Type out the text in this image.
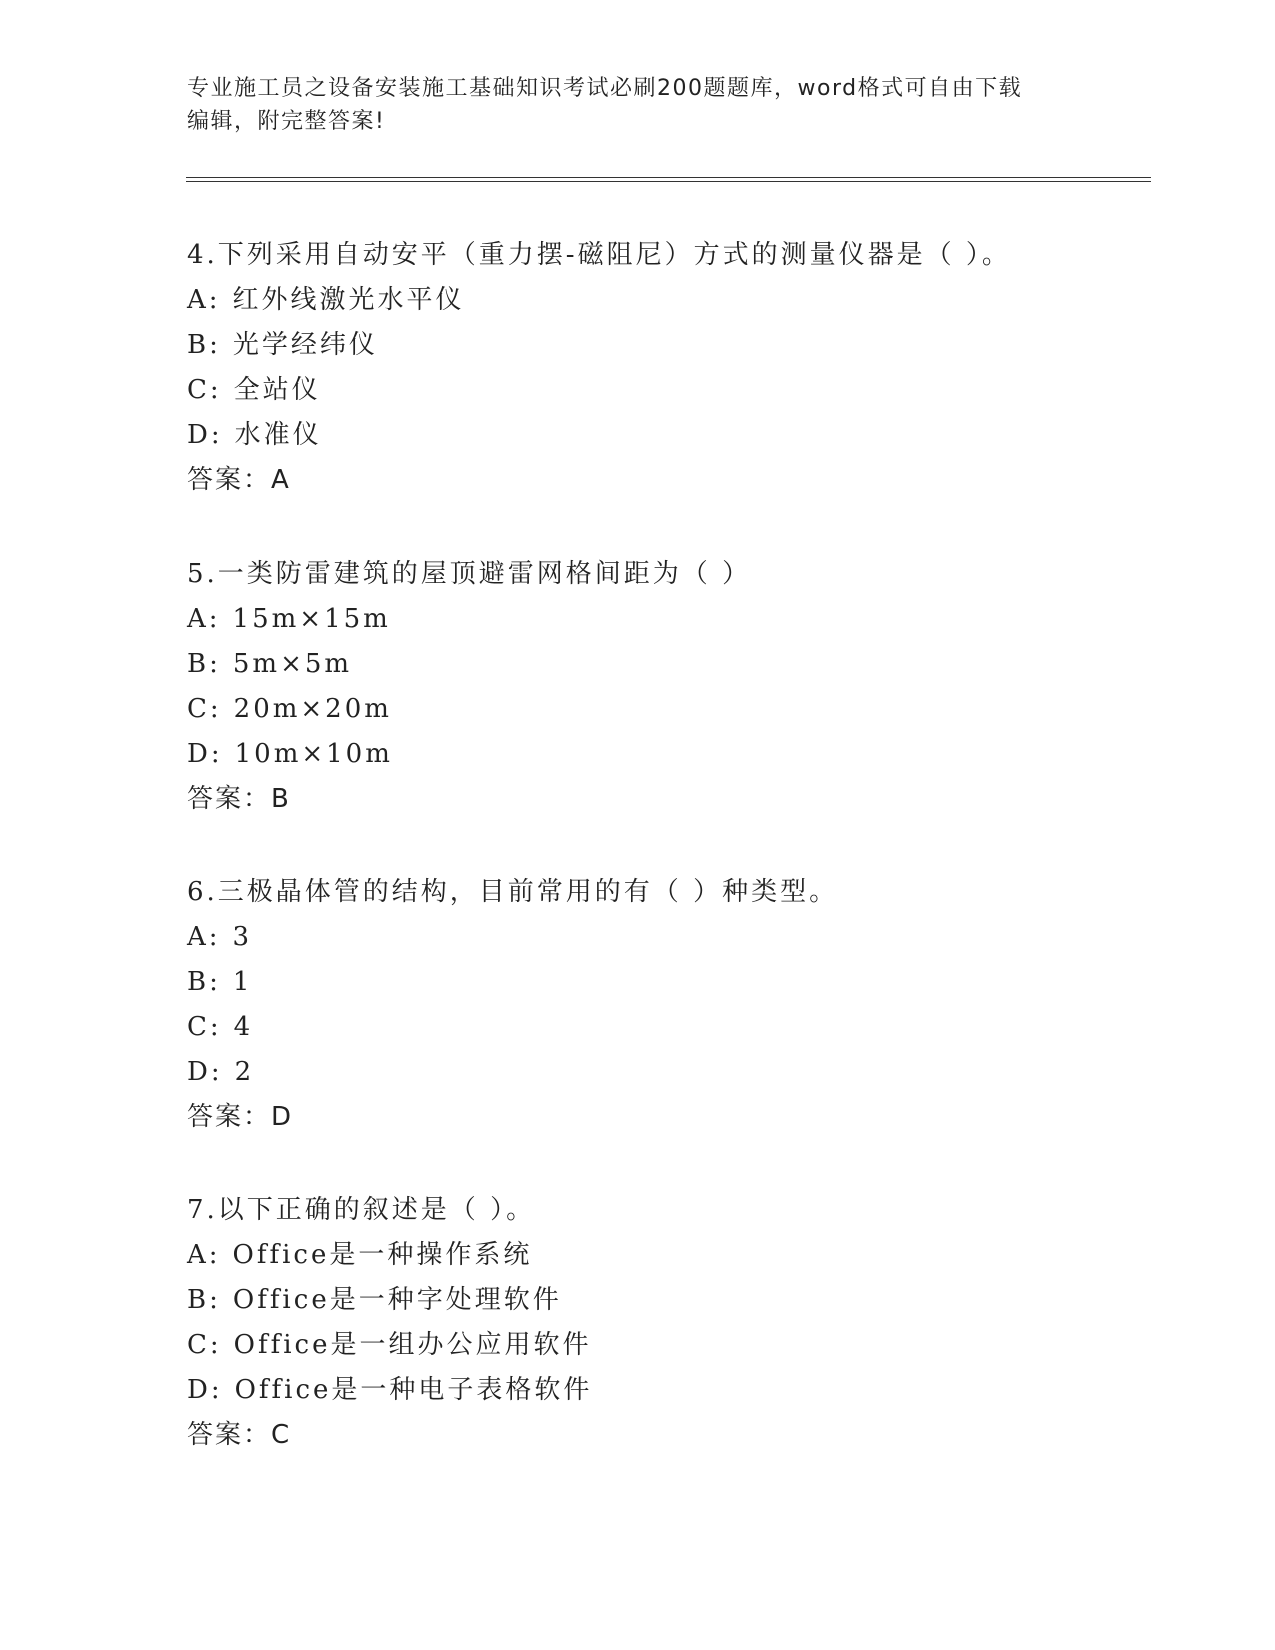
专业施工员之设备安装施工基础知识考试必刷200题题库，word格式可自由下载
编辑，附完整答案!
4.下列采用自动安平（重力摆-磁阻尼）方式的测量仪器是（ ）。
A: 红外线激光水平仪
B: 光学经纬仪
C: 全站仪
D: 水准仪
答案：A
5.一类防雷建筑的屋顶避雷网格间距为（ ）
A: 15m×15m
B: 5m×5m
C: 20m×20m
D: 10m×10m
答案：B
6.三极晶体管的结构，目前常用的有（ ）种类型。
A: 3
B: 1
C: 4
D: 2
答案：D
7.以下正确的叙述是（ ）。
A: Office是一种操作系统
B: Office是一种字处理软件
C: Office是一组办公应用软件
D: Office是一种电子表格软件
答案：C
